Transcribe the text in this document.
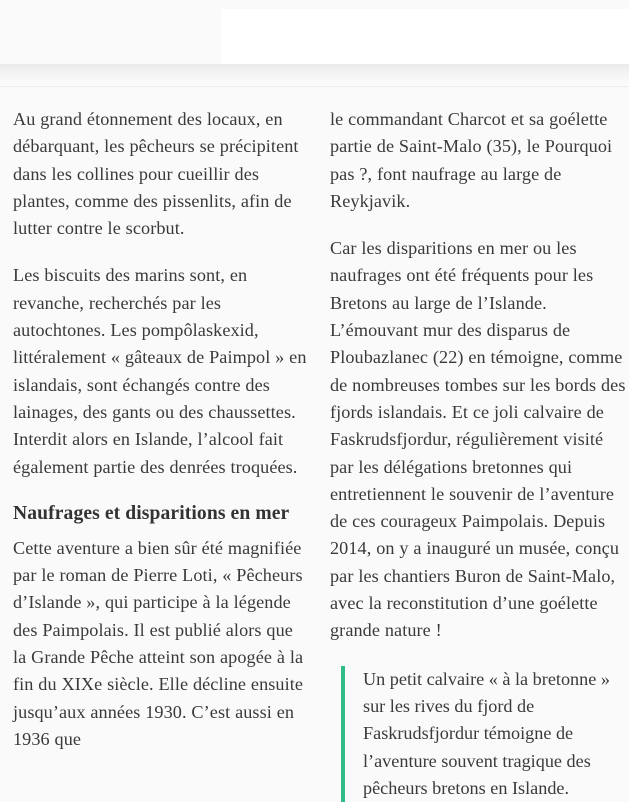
Au grand étonnement des locaux, en débarquant, les pêcheurs se précipitent dans les collines pour cueillir des plantes, comme des pissenlits, afin de lutter contre le scorbut.

Les biscuits des marins sont, en revanche, recherchés par les autochtones. Les pompôlaskexid, littéralement « gâteaux de Paimpol » en islandais, sont échangés contre des lainages, des gants ou des chaussettes. Interdit alors en Islande, l’alcool fait également partie des denrées troquées.

Naufrages et disparitions en mer

Cette aventure a bien sûr été magnifiée par le roman de Pierre Loti, « Pêcheurs d’Islande », qui participe à la légende des Paimpolais. Il est publié alors que la Grande Pêche atteint son apogée à la fin du XIXe siècle. Elle décline ensuite jusqu’aux années 1930. C’est aussi en 1936 que

le commandant Charcot et sa goélette partie de Saint-Malo (35), le Pourquoi pas ?, font naufrage au large de Reykjavik.

Car les disparitions en mer ou les naufrages ont été fréquents pour les Bretons au large de l’Islande. L’émouvant mur des disparus de Ploubazlanec (22) en témoigne, comme de nombreuses tombes sur les bords des fjords islandais. Et ce joli calvaire de Faskrudsfjordur, régulièrement visité par les délégations bretonnes qui entretiennent le souvenir de l’aventure de ces courageux Paimpolais. Depuis 2014, on y a inauguré un musée, conçu par les chantiers Buron de Saint-Malo, avec la reconstitution d’une goélette grande nature !

Un petit calvaire « à la bretonne » sur les rives du fjord de Faskrudsfjordur témoigne de l’aventure souvent tragique des pêcheurs bretons en Islande.
